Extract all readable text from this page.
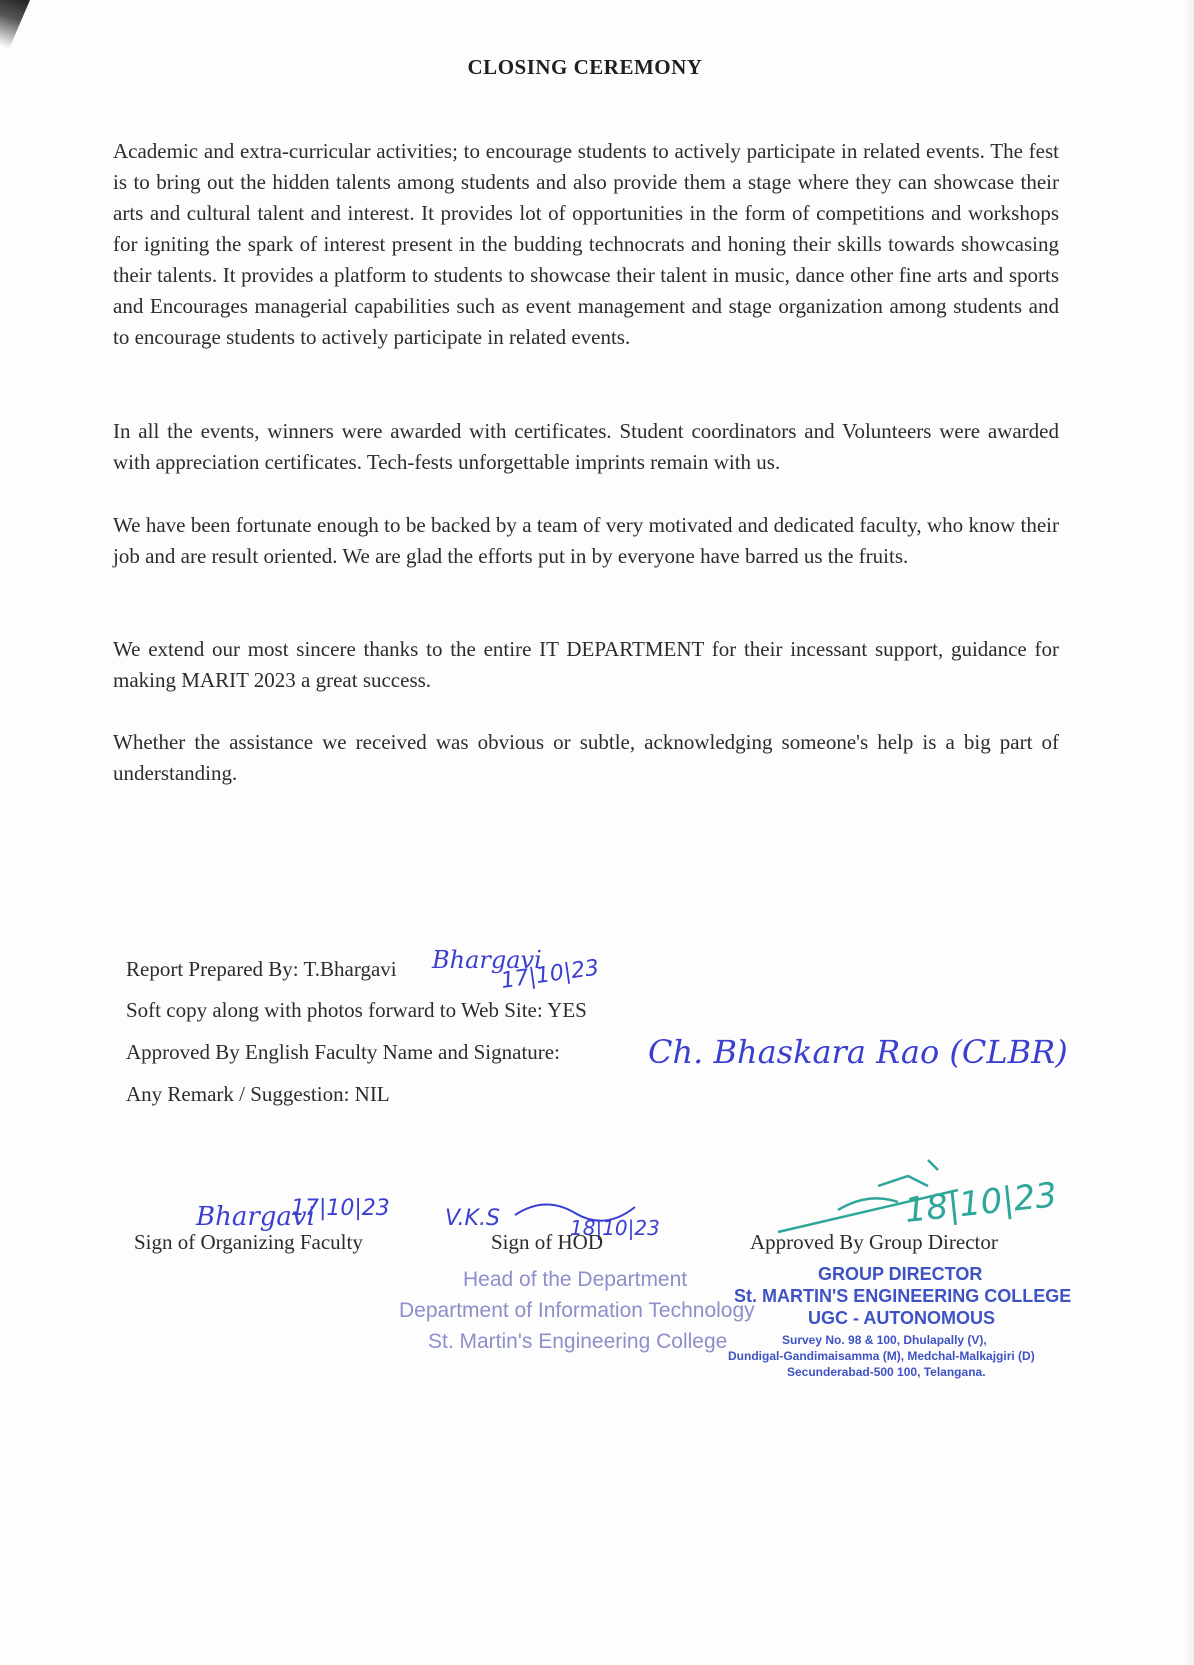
CLOSING CEREMONY

Academic and extra-curricular activities; to encourage students to actively participate in related events. The fest is to bring out the hidden talents among students and also provide them a stage where they can showcase their arts and cultural talent and interest. It provides lot of opportunities in the form of competitions and workshops for igniting the spark of interest present in the budding technocrats and honing their skills towards showcasing their talents. It provides a platform to students to showcase their talent in music, dance other fine arts and sports and Encourages managerial capabilities such as event management and stage organization among students and to encourage students to actively participate in related events.

In all the events, winners were awarded with certificates. Student coordinators and Volunteers were awarded with appreciation certificates. Tech-fests unforgettable imprints remain with us.

We have been fortunate enough to be backed by a team of very motivated and dedicated faculty, who know their job and are result oriented. We are glad the efforts put in by everyone have barred us the fruits.

We extend our most sincere thanks to the entire IT DEPARTMENT for their incessant support, guidance for making MARIT 2023 a great success.

Whether the assistance we received was obvious or subtle, acknowledging someone's help is a big part of understanding.

Report Prepared By: T.Bhargavi
Soft copy along with photos forward to Web Site: YES
Approved By English Faculty Name and Signature:
Any Remark / Suggestion: NIL
Bhargavi
17|10|23
Ch. Bhaskara Rao (CLBR)
Bhargavi
17|10|23	V.K.S	18|10|23	18|10|23
Sign of Organizing Faculty	Sign of HOD	Approved By Group Director
Head of the Department
Department of Information Technology
St. Martin's Engineering College
GROUP DIRECTOR
St. MARTIN'S ENGINEERING COLLEGE
UGC - AUTONOMOUS
Survey No. 98 & 100, Dhulapally (V),
Dundigal-Gandimaisamma (M), Medchal-Malkajgiri (D)
Secunderabad-500 100, Telangana.
